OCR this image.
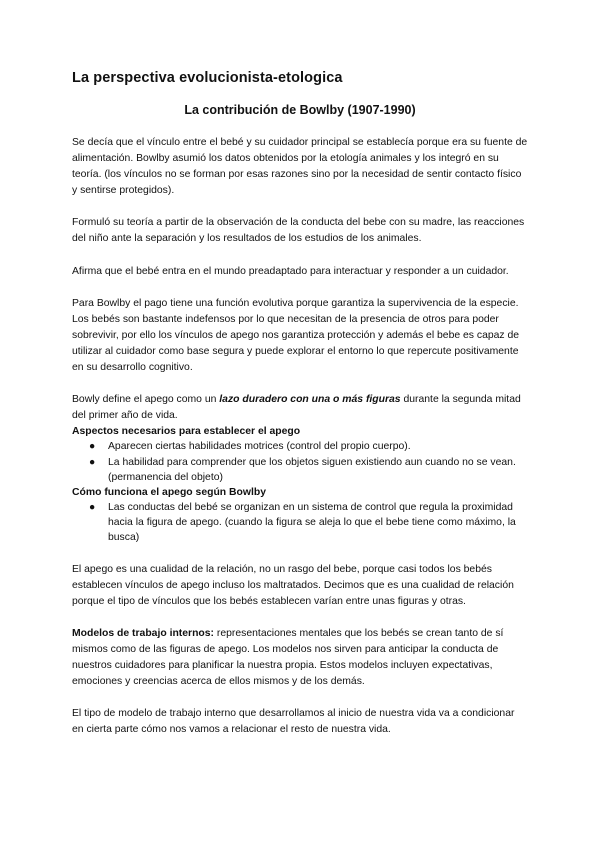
La perspectiva evolucionista-etologica
La contribución de Bowlby (1907-1990)

Se decía que el vínculo entre el bebé y su cuidador principal se establecía porque era su fuente de alimentación. Bowlby asumió los datos obtenidos por la etología animales y los integró en su teoría. (los vínculos no se forman por esas razones sino por la necesidad de sentir contacto físico y sentirse protegidos).

Formuló su teoría a partir de la observación de la conducta del bebe con su madre, las reacciones del niño ante la separación y los resultados de los estudios de los animales.

Afirma que el bebé entra en el mundo preadaptado para interactuar y responder a un cuidador.

Para Bowlby el pago tiene una función evolutiva porque garantiza la supervivencia de la especie. Los bebés son bastante indefensos por lo que necesitan de la presencia de otros para poder sobrevivir, por ello los vínculos de apego nos garantiza protección y además el bebe es capaz de utilizar al cuidador como base segura y puede explorar el entorno lo que repercute positivamente en su desarrollo cognitivo.

Bowly define el apego como un lazo duradero con una o más figuras durante la segunda mitad del primer año de vida.

Aspectos necesarios para establecer el apego
● Aparecen ciertas habilidades motrices (control del propio cuerpo).
● La habilidad para comprender que los objetos siguen existiendo aun cuando no se vean. (permanencia del objeto)
Cómo funciona el apego según Bowlby
● Las conductas del bebé se organizan en un sistema de control que regula la proximidad hacia la figura de apego. (cuando la figura se aleja lo que el bebe tiene como máximo, la busca)

El apego es una cualidad de la relación, no un rasgo del bebe, porque casi todos los bebés establecen vínculos de apego incluso los maltratados. Decimos que es una cualidad de relación porque el tipo de vínculos que los bebés establecen varían entre unas figuras y otras.

Modelos de trabajo internos: representaciones mentales que los bebés se crean tanto de sí mismos como de las figuras de apego. Los modelos nos sirven para anticipar la conducta de nuestros cuidadores para planificar la nuestra propia. Estos modelos incluyen expectativas, emociones y creencias acerca de ellos mismos y de los demás.

El tipo de modelo de trabajo interno que desarrollamos al inicio de nuestra vida va a condicionar en cierta parte cómo nos vamos a relacionar el resto de nuestra vida.
